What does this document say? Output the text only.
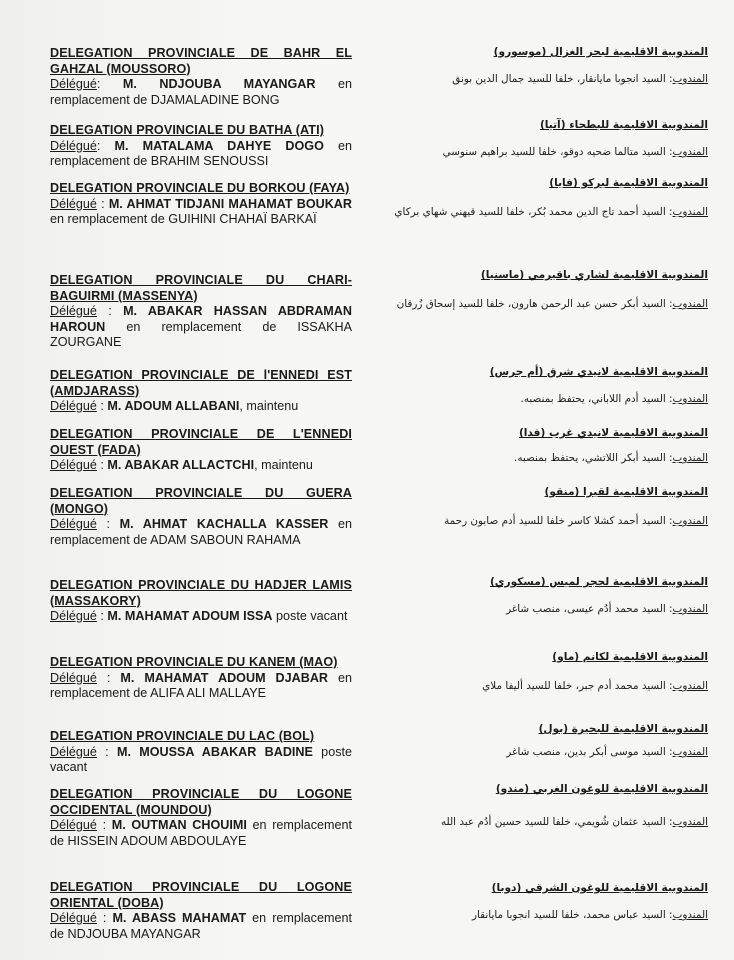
DELEGATION PROVINCIALE DE BAHR EL GAHZAL (MOUSSORO)
Délégué: M. NDJOUBA MAYANGAR en remplacement de DJAMALADINE BONG
المندوبية الاقليمية لبحر الغزال (موسورو)
المندوب: السيد انجوبا مايانقار، خلفا للسيد جمال الدين بونق
DELEGATION PROVINCIALE DU BATHA (ATI)
Délégué: M. MATALAMA DAHYE DOGO en remplacement de BRAHIM SENOUSSI
المندوبية الاقليمية للبطحاء (آتيا)
المندوب: السيد متالما ضحيه دوقو، خلفا للسيد براهيم سنوسي
DELEGATION PROVINCIALE DU BORKOU (FAYA)
Délégué : M. AHMAT TIDJANI MAHAMAT BOUKAR en remplacement de GUIHINI CHAHAÏ BARKAÏ
المندوبية الاقليمية لبركو (فايا)
المندوب: السيد أحمد تاج الدين محمد بُكر، خلفا للسيد قيهني شهاي بركاي
DELEGATION PROVINCIALE DU CHARI-BAGUIRMI (MASSENYA)
Délégué : M. ABAKAR HASSAN ABDRAMAN HAROUN en remplacement de ISSAKHA ZOURGANE
المندوبية الاقليمية لشاري باقيرمي (ماسنيا)
المندوب: السيد أبكر حسن عبد الرحمن هارون، خلفا للسيد إسحاق زُرقان
DELEGATION PROVINCIALE DE l'ENNEDI EST (AMDJARASS)
Délégué : M. ADOUM ALLABANI, maintenu
المندوبية الاقليمية لانيدي شرق (أم جرس)
المندوب: السيد أدم اللاباني، يحتفظ بمنصبه.
DELEGATION PROVINCIALE DE L'ENNEDI OUEST (FADA)
Délégué : M. ABAKAR ALLACTCHI, maintenu
المندوبية الاقليمية لانيدي غرب (فدا)
المندوب: السيد أبكر اللاتشي، يحتفظ بمنصبه.
DELEGATION PROVINCIALE DU GUERA (MONGO)
Délégué : M. AHMAT KACHALLA KASSER en remplacement de ADAM SABOUN RAHAMA
المندوبية الاقليمية لقيرا (منقو)
المندوب: السيد أحمد كشلا كاسر خلفا للسيد أدم صابون رحمة
DELEGATION PROVINCIALE DU HADJER LAMIS (MASSAKORY)
Délégué : M. MAHAMAT ADOUM ISSA poste vacant
المندوبية الاقليمية لحجر لميس (مسكوري)
المندوب: السيد محمد أدُم عيسى، منصب شاغر
DELEGATION PROVINCIALE DU KANEM (MAO)
Délégué : M. MAHAMAT ADOUM DJABAR en remplacement de ALIFA ALI MALLAYE
المندوبية الاقليمية لكانم (ماو)
المندوب: السيد محمد أدم جبر، خلفا للسيد أليفا ملاي
DELEGATION PROVINCIALE DU LAC (BOL)
Délégué : M. MOUSSA ABAKAR BADINE poste vacant
المندوبية الاقليمية للبحيرة (بول)
المندوب: السيد موسى أبكر بدين، منصب شاغر
DELEGATION PROVINCIALE DU LOGONE OCCIDENTAL (MOUNDOU)
Délégué : M. OUTMAN CHOUIMI en remplacement de HISSEIN ADOUM ABDOULAYE
المندوبية الاقليمية للوغون الغربي (مندو)
المندوب: السيد عثمان شُويمي، خلفا للسيد حسين أدُم عبد الله
DELEGATION PROVINCIALE DU LOGONE ORIENTAL (DOBA)
Délégué : M. ABASS MAHAMAT en remplacement de NDJOUBA MAYANGAR
المندوبية الاقليمية للوغون الشرقي (دوبا)
المندوب: السيد عباس محمد، خلفا للسيد انجوبا مايانقار
